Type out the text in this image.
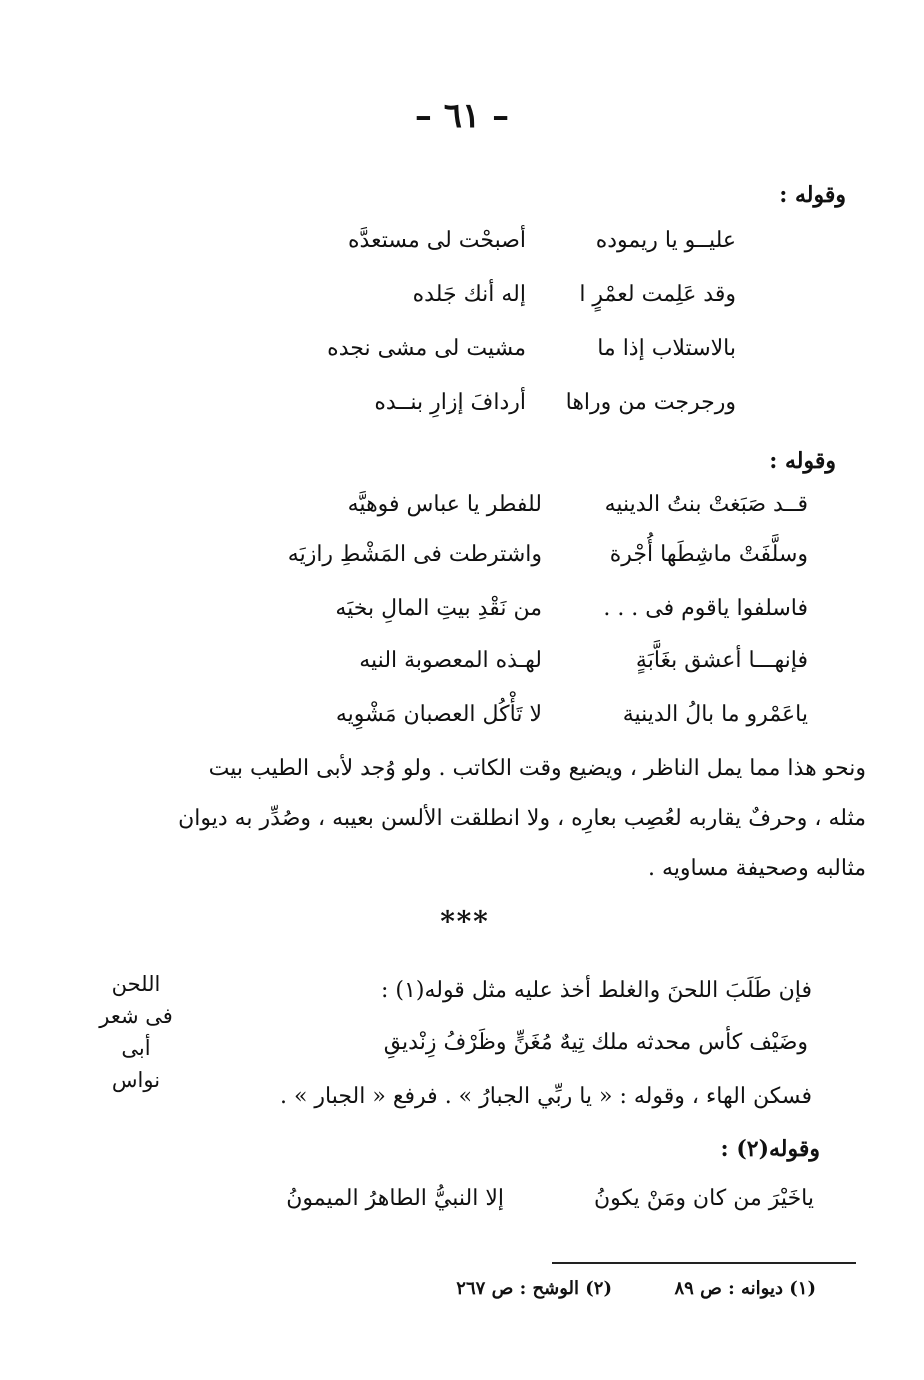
– ٦١ –
وقوله :
عليــو يا ريموده
أصبحْت لى مستعدَّه
وقد عَلِمت لعمْرٍ ا
إله أنك جَلده
بالاستلاب إذا ما
مشيت لى مشى نجده
ورجرجت من وراها
أردافَ إزارِ بنــده
وقوله :
قــد صَبَغتْ بنتُ الدينيه
للفطر يا عباس فوهيَّه
وسلَّفَتْ ماشِطَها أُجْرة
واشترطت فى المَشْطِ رازيَه
فاسلفوا ياقوم فى . . .
من نَقْدِ بيتِ المالِ بخيَه
فإنهـــا أعشق بغَاَّبَةٍ
لهـذه المعصوبة النيه
ياعَمْرو ما بالُ الدينية
لا تَأْكُل العصبان مَشْوِيه
ونحو هذا مما يمل الناظر ، ويضيع وقت الكاتب . ولو وُجد لأبى الطيب بيت
مثله ، وحرفٌ يقاربه لعُصِب بعارِه ، ولا انطلقت الألسن بعيبه ، وصُدِّر به ديوان
مثالبه وصحيفة مساويه .
* * *
اللحن
فى شعر
أبى نواس
فإن طَلَبَ اللحنَ والغلط أخذ عليه مثل قوله(١) :
وضَيْف كأس محدثه ملك تِيهٌ مُغَنٍّ وظَرْفُ زِنْديقِ
فسكن الهاء ، وقوله : « يا ربِّي الجبارُ » . فرفع « الجبار » .
وقوله(٢) :
ياخَيْرَ من كان ومَنْ يكونُ
إلا النبيُّ الطاهرُ الميمونُ
(١) ديوانه : ص ٨٩
(٢) الوشح : ص ٢٦٧
